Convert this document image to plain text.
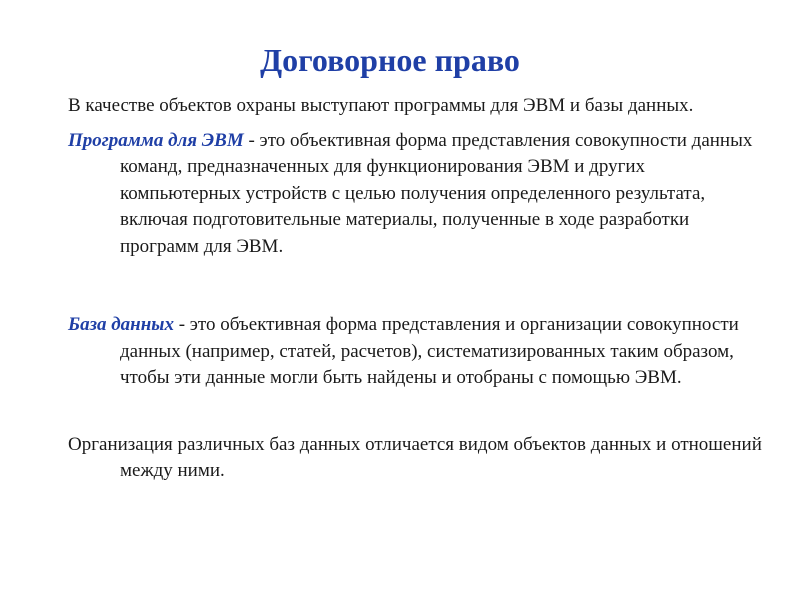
Договорное право

В качестве объектов охраны выступают программы для ЭВМ и базы данных.

Программа для ЭВМ - это объективная форма представления совокупности данных команд, предназначенных для функционирования ЭВМ и других компьютерных устройств с целью получения определенного результата, включая подготовительные материалы, полученные в ходе разработки программ для ЭВМ.

База данных - это объективная форма представления и организации совокупности данных (например, статей, расчетов), систематизированных таким образом, чтобы эти данные могли быть найдены и отобраны с помощью ЭВМ.

Организация различных баз данных отличается видом объектов данных и отношений между ними.
